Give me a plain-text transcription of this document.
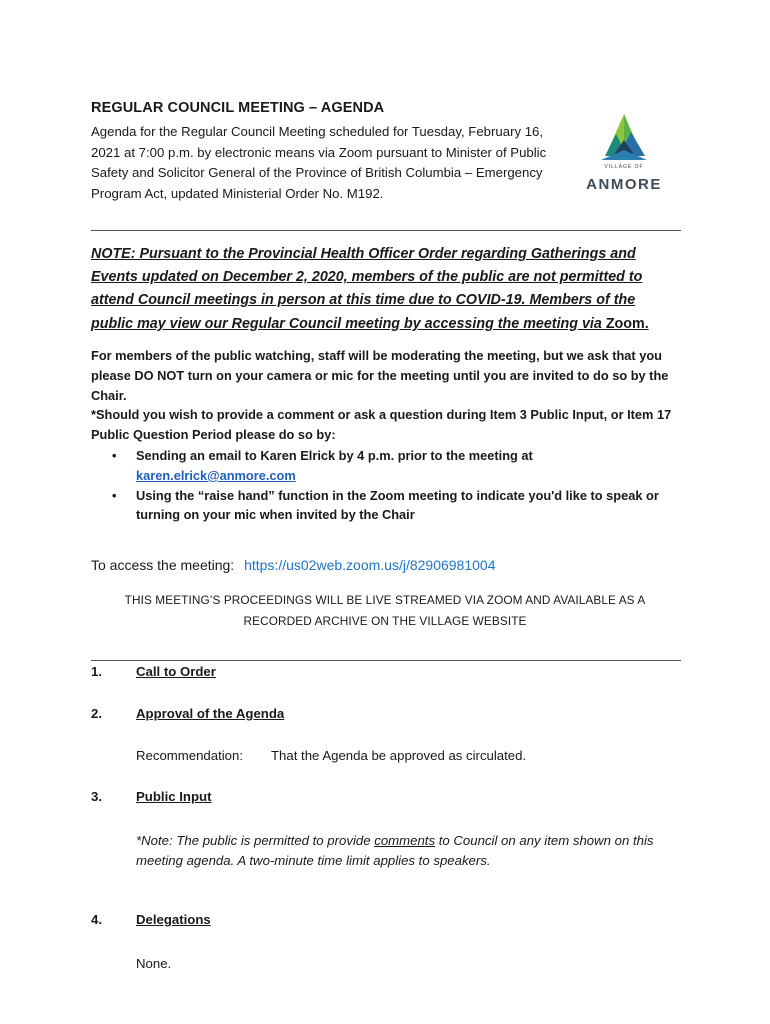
REGULAR COUNCIL MEETING – AGENDA
Agenda for the Regular Council Meeting scheduled for Tuesday, February 16, 2021 at 7:00 p.m. by electronic means via Zoom pursuant to Minister of Public Safety and Solicitor General of the Province of British Columbia – Emergency Program Act, updated Ministerial Order No. M192.
VILLAGE OF
ANMORE
NOTE: Pursuant to the Provincial Health Officer Order regarding Gatherings and Events updated on December 2, 2020, members of the public are not permitted to attend Council meetings in person at this time due to COVID-19. Members of the public may view our Regular Council meeting by accessing the meeting via Zoom.
For members of the public watching, staff will be moderating the meeting, but we ask that you please DO NOT turn on your camera or mic for the meeting until you are invited to do so by the Chair.
*Should you wish to provide a comment or ask a question during Item 3 Public Input, or Item 17 Public Question Period please do so by:
• Sending an email to Karen Elrick by 4 p.m. prior to the meeting at karen.elrick@anmore.com
• Using the “raise hand” function in the Zoom meeting to indicate you'd like to speak or turning on your mic when invited by the Chair
To access the meeting: https://us02web.zoom.us/j/82906981004
THIS MEETING’S PROCEEDINGS WILL BE LIVE STREAMED VIA ZOOM AND AVAILABLE AS A
RECORDED ARCHIVE ON THE VILLAGE WEBSITE
1.	Call to Order
2.	Approval of the Agenda
Recommendation: That the Agenda be approved as circulated.
3.	Public Input
*Note: The public is permitted to provide comments to Council on any item shown on this meeting agenda. A two-minute time limit applies to speakers.
4.	Delegations
None.
